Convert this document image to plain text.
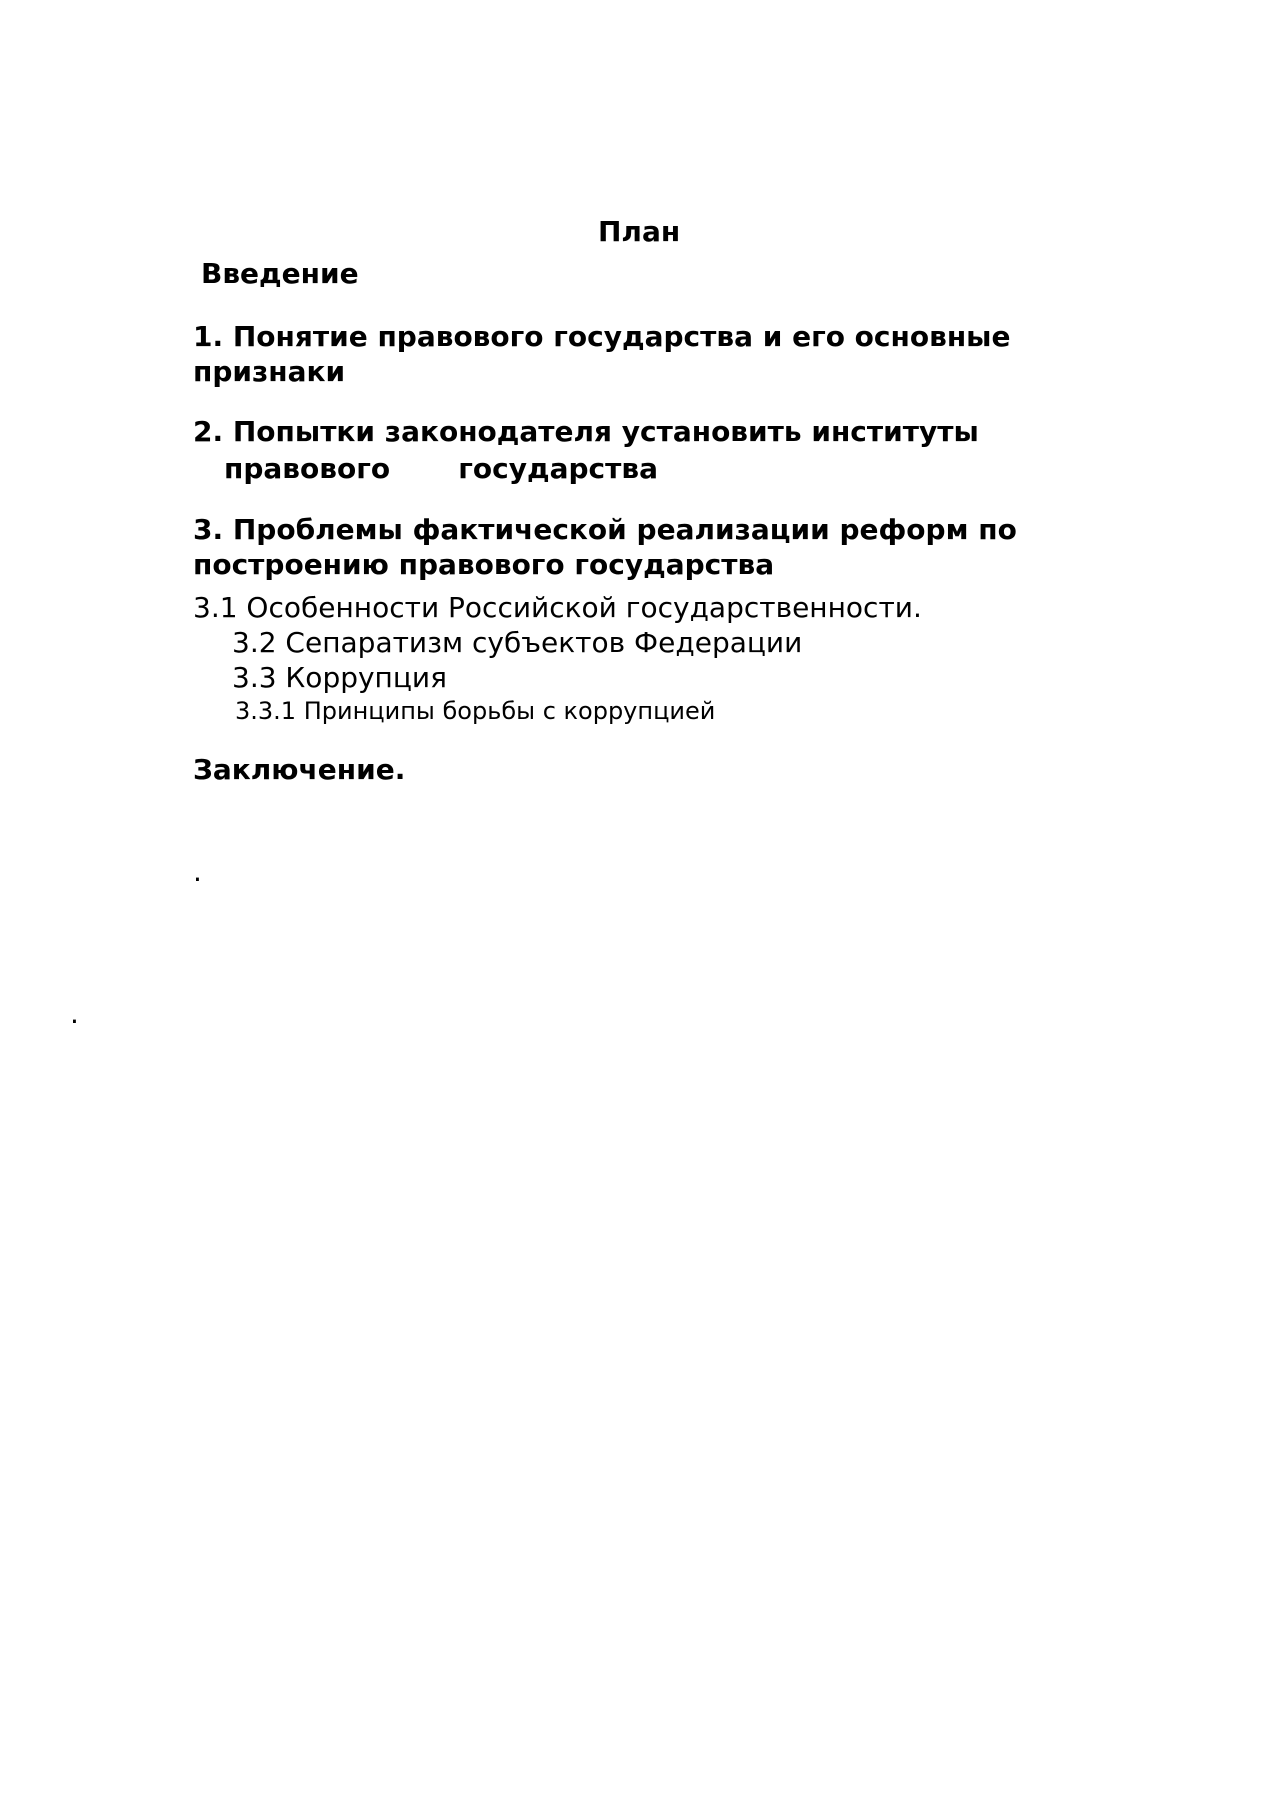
План
Введение
1. Понятие правового государства и его основные
признаки
2. Попытки законодателя установить институты
правового       государства
3. Проблемы фактической реализации реформ по
построению правового государства
3.1 Особенности Российской государственности.
3.2 Сепаратизм субъектов Федерации
3.3 Коррупция
3.3.1 Принципы борьбы с коррупцией
Заключение.
.
.
